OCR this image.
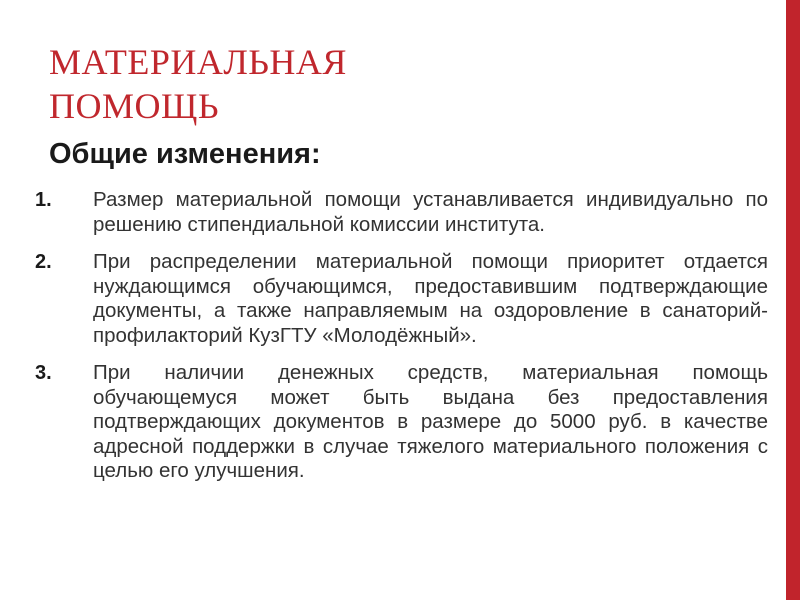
МАТЕРИАЛЬНАЯ
ПОМОЩЬ
Общие изменения:
1.	Размер материальной помощи устанавливается индивидуально по решению стипендиальной комиссии института.
2.	При распределении материальной помощи приоритет отдается нуждающимся обучающимся, предоставившим подтверждающие документы, а также направляемым на оздоровление в санаторий-профилакторий КузГТУ «Молодёжный».
3.	При наличии денежных средств, материальная помощь обучающемуся может быть выдана без предоставления подтверждающих документов в размере до 5000 руб. в качестве адресной поддержки в случае тяжелого материального положения с целью его улучшения.
